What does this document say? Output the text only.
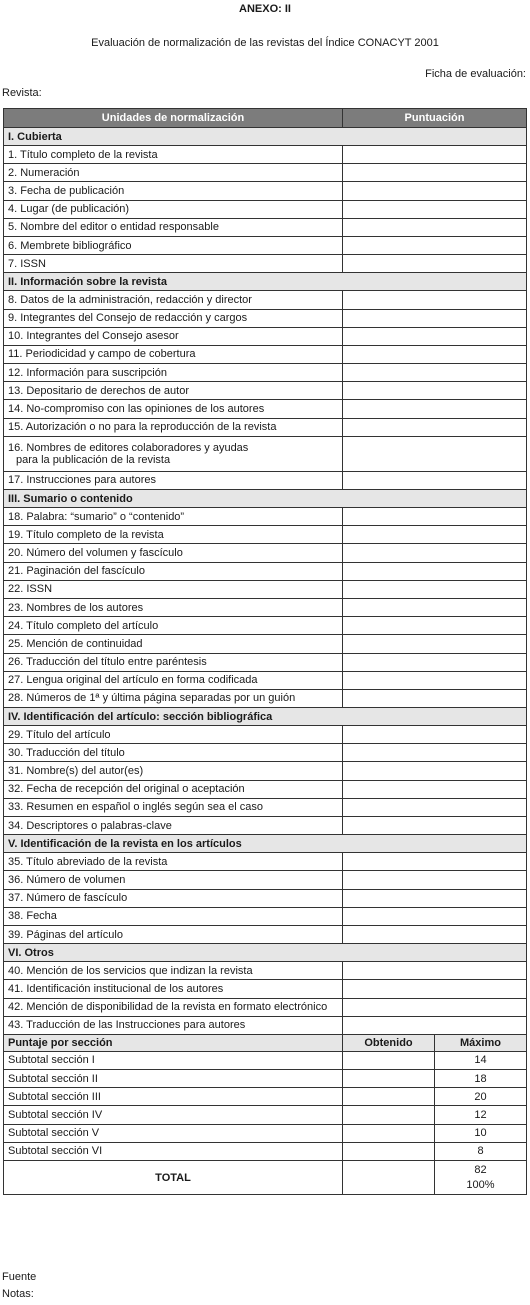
ANEXO: II
Evaluación de normalización de las revistas del Índice CONACYT 2001
Ficha de evaluación:
Revista:
Unidades de normalización	Puntuación	
I. Cubierta		
1. Título completo de la revista		
2. Numeración		
3. Fecha de publicación		
4. Lugar (de publicación)		
5. Nombre del editor o entidad responsable		
6. Membrete bibliográfico		
7. ISSN		
II. Información sobre la revista		
8. Datos de la administración, redacción y director		
9. Integrantes del Consejo de redacción y cargos		
10. Integrantes del Consejo asesor		
11. Periodicidad y campo de cobertura		
12. Información para suscripción		
13. Depositario de derechos de autor		
14. No-compromiso con las opiniones de los autores		
15. Autorización o no para la reproducción de la revista		
16. Nombres de editores colaboradores y ayudas
para la publicación de la revista		

17. Instrucciones para autores		
III. Sumario o contenido		
18. Palabra: “sumario” o “contenido”		
19. Título completo de la revista		
20. Número del volumen y fascículo		
21. Paginación del fascículo		
22. ISSN		
23. Nombres de los autores		
24. Título completo del artículo		
25. Mención de continuidad		
26. Traducción del título entre paréntesis		
27. Lengua original del artículo en forma codificada		
28. Números de 1ª y última página separadas por un guión		
IV. Identificación del artículo: sección bibliográfica		
29. Título del artículo		
30. Traducción del título		
31. Nombre(s) del autor(es)		
32. Fecha de recepción del original o aceptación		
33. Resumen en español o inglés según sea el caso		
34. Descriptores o palabras-clave		
V. Identificación de la revista en los artículos		
35. Título abreviado de la revista		
36. Número de volumen		
37. Número de fascículo		
38. Fecha		
39. Páginas del artículo		
VI. Otros		
40. Mención de los servicios que indizan la revista		
41. Identificación institucional de los autores		
42. Mención de disponibilidad de la revista en formato electrónico		
43. Traducción de las Instrucciones para autores		
Puntaje por sección	Obtenido	Máximo
Subtotal sección I		14
Subtotal sección II		18
Subtotal sección III		20
Subtotal sección IV		12
Subtotal sección V		10
Subtotal sección VI		8
TOTAL		82
100%
Fuente
Notas:
